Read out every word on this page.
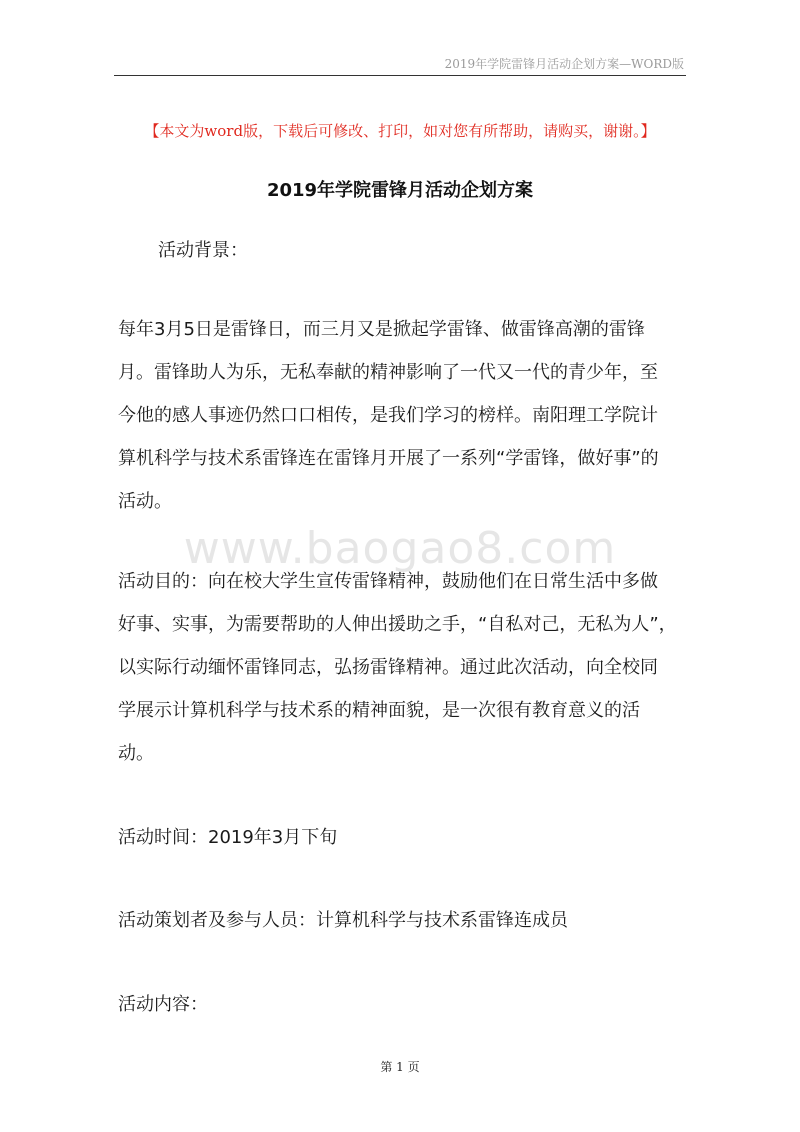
2019年学院雷锋月活动企划方案—WORD版
【本文为word版，下载后可修改、打印，如对您有所帮助，请购买，谢谢。】
2019年学院雷锋月活动企划方案
活动背景：
每年3月5日是雷锋日，而三月又是掀起学雷锋、做雷锋高潮的雷锋
月。雷锋助人为乐，无私奉献的精神影响了一代又一代的青少年，至
今他的感人事迹仍然口口相传，是我们学习的榜样。南阳理工学院计
算机科学与技术系雷锋连在雷锋月开展了一系列“学雷锋，做好事”的
活动。
www.baogao8.com
活动目的：向在校大学生宣传雷锋精神，鼓励他们在日常生活中多做
好事、实事，为需要帮助的人伸出援助之手，“自私对己，无私为人”，
以实际行动缅怀雷锋同志，弘扬雷锋精神。通过此次活动，向全校同
学展示计算机科学与技术系的精神面貌，是一次很有教育意义的活
动。
活动时间：2019年3月下旬
活动策划者及参与人员：计算机科学与技术系雷锋连成员
活动内容：
第 1 页
